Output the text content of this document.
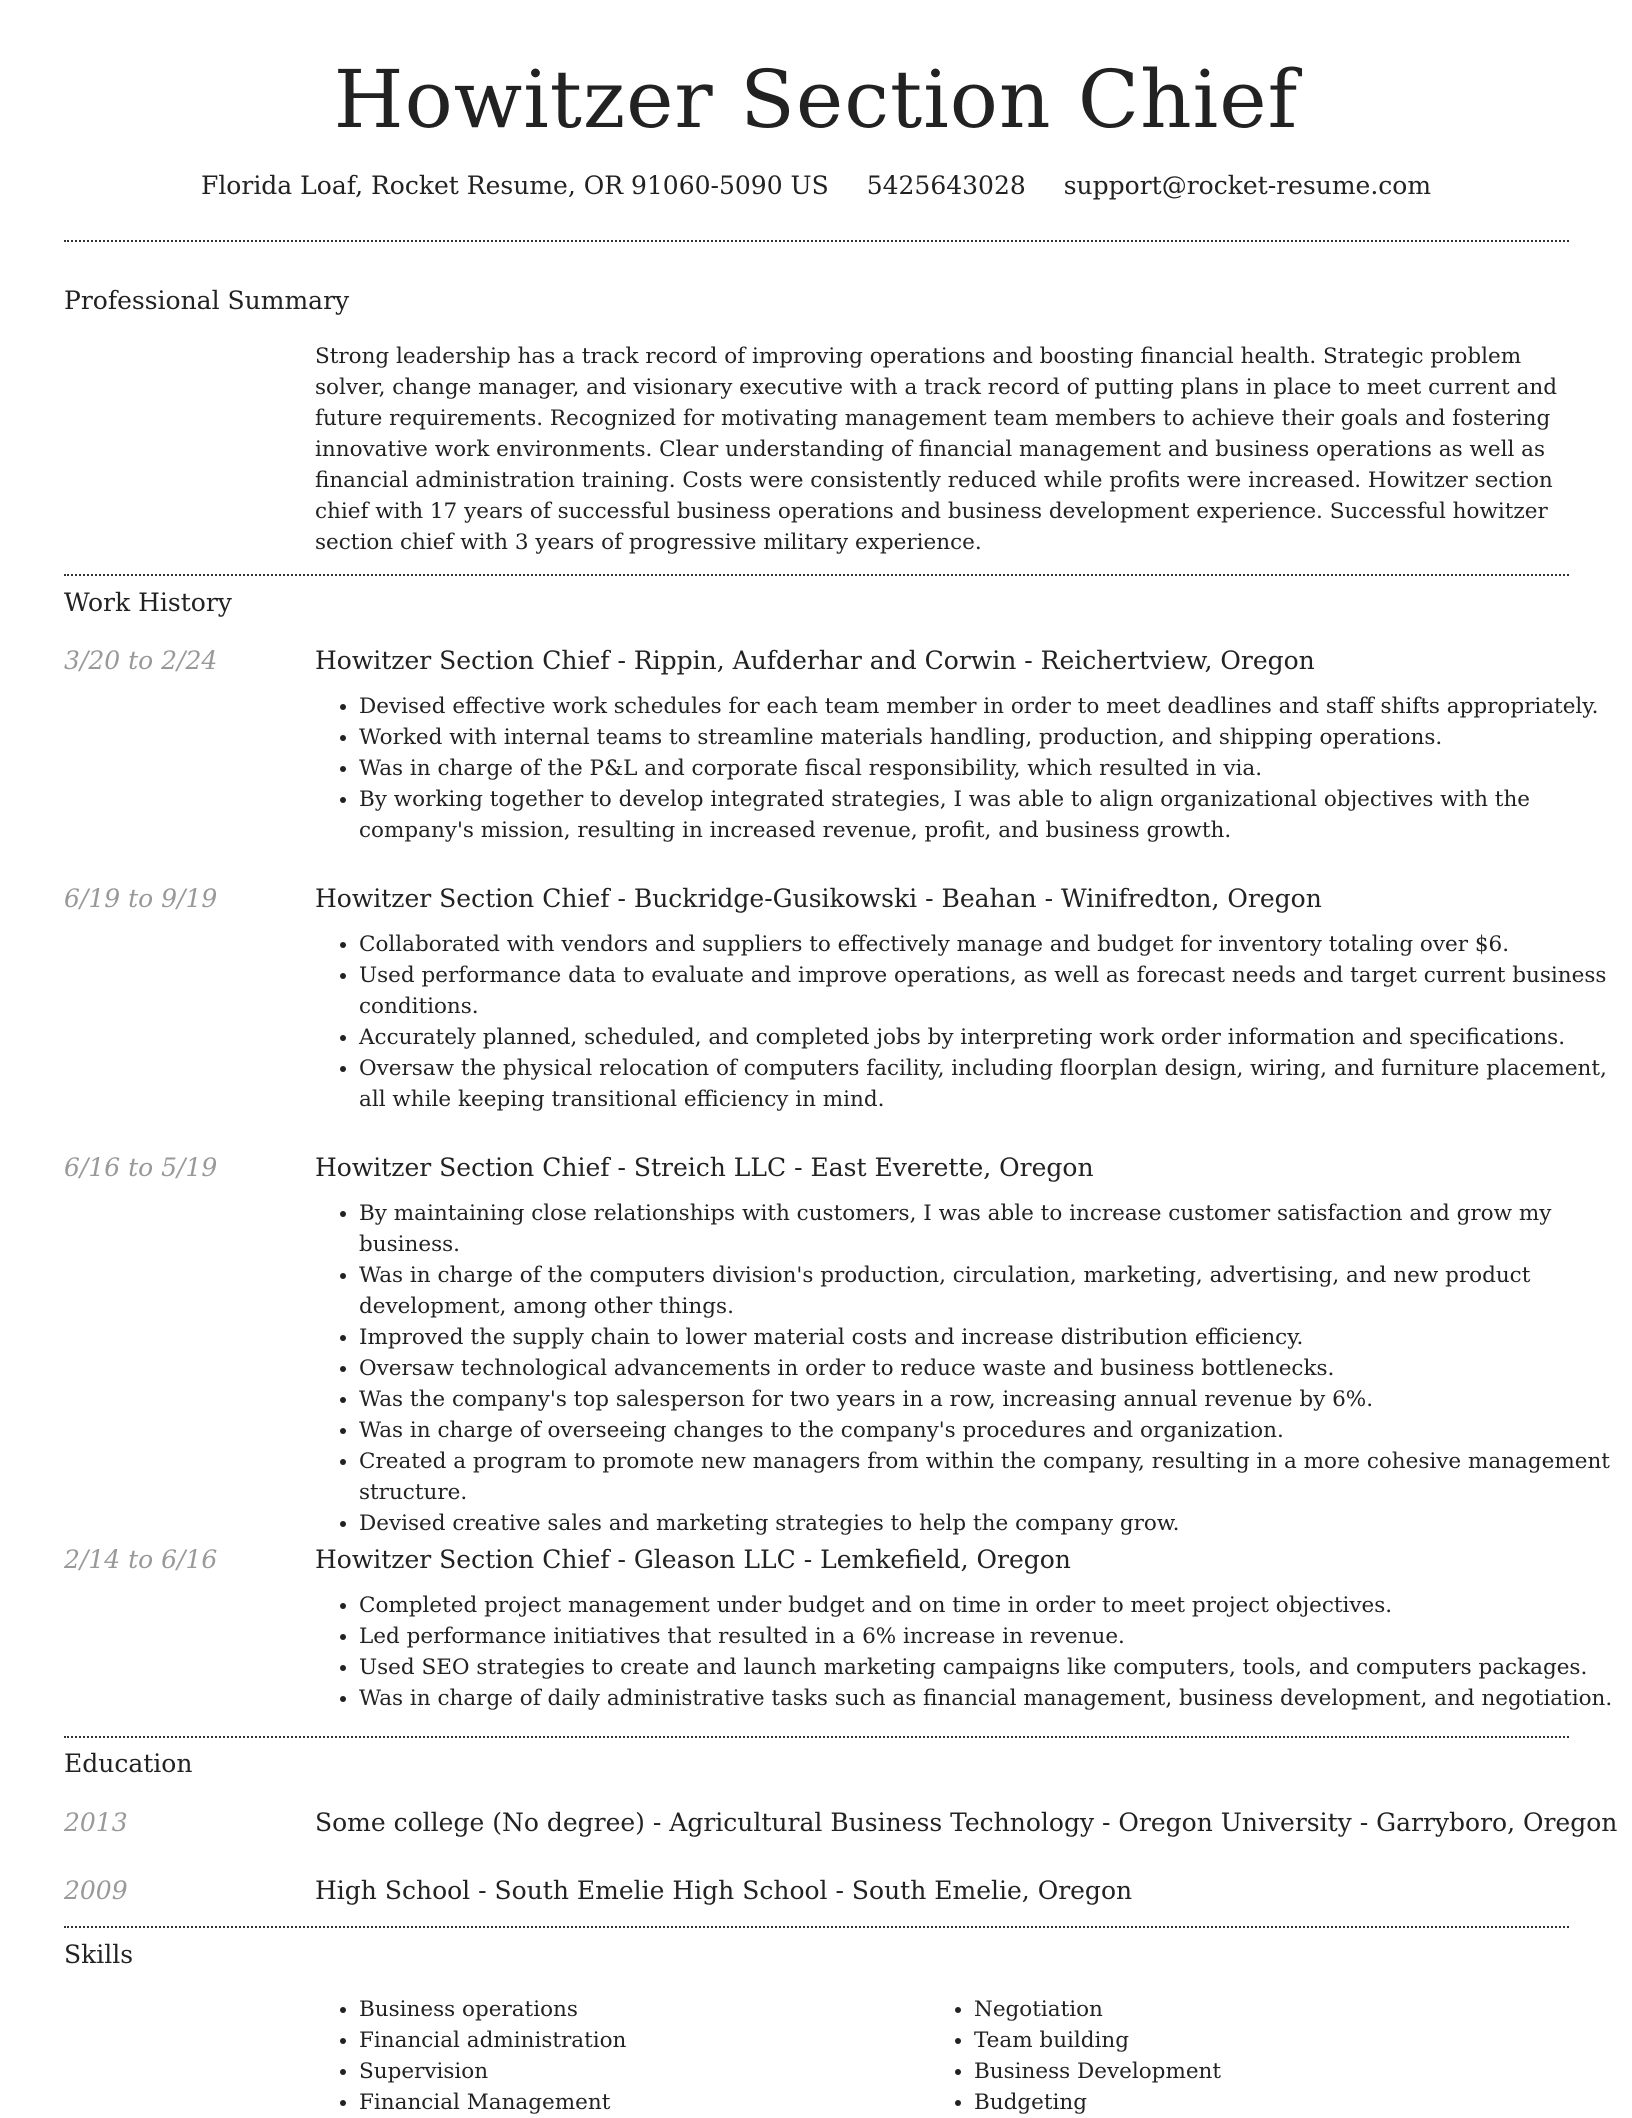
Howitzer Section Chief
Florida Loaf, Rocket Resume, OR 91060-5090 US 5425643028 support@rocket-resume.com
Professional Summary
Strong leadership has a track record of improving operations and boosting financial health. Strategic problem solver, change manager, and visionary executive with a track record of putting plans in place to meet current and future requirements. Recognized for motivating management team members to achieve their goals and fostering innovative work environments. Clear understanding of financial management and business operations as well as financial administration training. Costs were consistently reduced while profits were increased. Howitzer section chief with 17 years of successful business operations and business development experience. Successful howitzer section chief with 3 years of progressive military experience.
Work History
3/20 to 2/24	Howitzer Section Chief - Rippin, Aufderhar and Corwin - Reichertview, Oregon
• Devised effective work schedules for each team member in order to meet deadlines and staff shifts appropriately.
• Worked with internal teams to streamline materials handling, production, and shipping operations.
• Was in charge of the P&L and corporate fiscal responsibility, which resulted in via.
• By working together to develop integrated strategies, I was able to align organizational objectives with the company's mission, resulting in increased revenue, profit, and business growth.
6/19 to 9/19	Howitzer Section Chief - Buckridge-Gusikowski - Beahan - Winifredton, Oregon
• Collaborated with vendors and suppliers to effectively manage and budget for inventory totaling over $6.
• Used performance data to evaluate and improve operations, as well as forecast needs and target current business conditions.
• Accurately planned, scheduled, and completed jobs by interpreting work order information and specifications.
• Oversaw the physical relocation of computers facility, including floorplan design, wiring, and furniture placement, all while keeping transitional efficiency in mind.
6/16 to 5/19	Howitzer Section Chief - Streich LLC - East Everette, Oregon
• By maintaining close relationships with customers, I was able to increase customer satisfaction and grow my business.
• Was in charge of the computers division's production, circulation, marketing, advertising, and new product development, among other things.
• Improved the supply chain to lower material costs and increase distribution efficiency.
• Oversaw technological advancements in order to reduce waste and business bottlenecks.
• Was the company's top salesperson for two years in a row, increasing annual revenue by 6%.
• Was in charge of overseeing changes to the company's procedures and organization.
• Created a program to promote new managers from within the company, resulting in a more cohesive management structure.
• Devised creative sales and marketing strategies to help the company grow.
2/14 to 6/16	Howitzer Section Chief - Gleason LLC - Lemkefield, Oregon
• Completed project management under budget and on time in order to meet project objectives.
• Led performance initiatives that resulted in a 6% increase in revenue.
• Used SEO strategies to create and launch marketing campaigns like computers, tools, and computers packages.
• Was in charge of daily administrative tasks such as financial management, business development, and negotiation.
Education
2013	Some college (No degree) - Agricultural Business Technology - Oregon University - Garryboro, Oregon
2009	High School - South Emelie High School - South Emelie, Oregon
Skills
• Business operations
• Financial administration
• Supervision
• Financial Management
• Negotiation
• Team building
• Business Development
• Budgeting
